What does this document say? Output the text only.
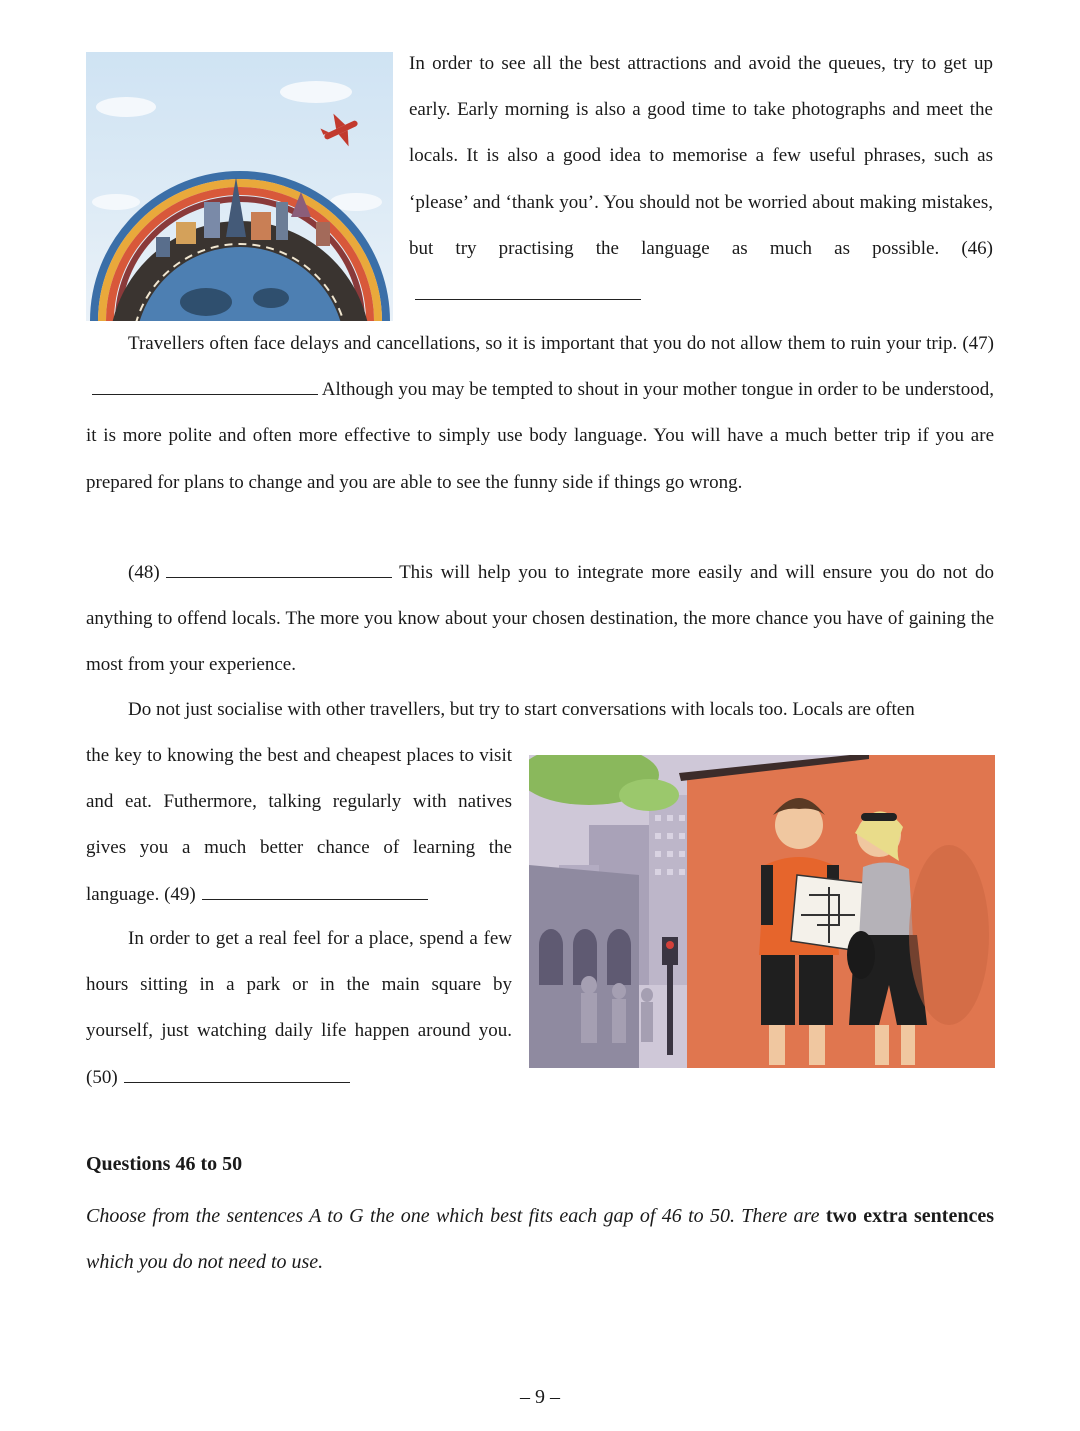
In order to see all the best attractions and avoid the queues, try to get up early. Early morning is also a good time to take photographs and meet the locals. It is also a good idea to memorise a few useful phrases, such as ‘please’ and ‘thank you’. You should not be worried about making mistakes, but try practising the language as much as possible. (46)
Travellers often face delays and cancellations, so it is important that you do not allow them to ruin your trip. (47) Although you may be tempted to shout in your mother tongue in order to be understood, it is more polite and often more effective to simply use body language. You will have a much better trip if you are prepared for plans to change and you are able to see the funny side if things go wrong.
(48)	This will help you to integrate more easily and will ensure you do not do anything to offend locals. The more you know about your chosen destination, the more chance you have of gaining the most from your experience.
Do not just socialise with other travellers, but try to start conversations with locals too. Locals are often
the key to knowing the best and cheapest places to visit and eat. Futhermore, talking regularly with natives gives you a much better chance of learning the language. (49)
In order to get a real feel for a place, spend a few hours sitting in a park or in the main square by yourself, just watching daily life happen around you. (50)
Questions 46 to 50
Choose from the sentences A to G the one which best fits each gap of 46 to 50. There are two extra sentences which you do not need to use.
– 9 –
